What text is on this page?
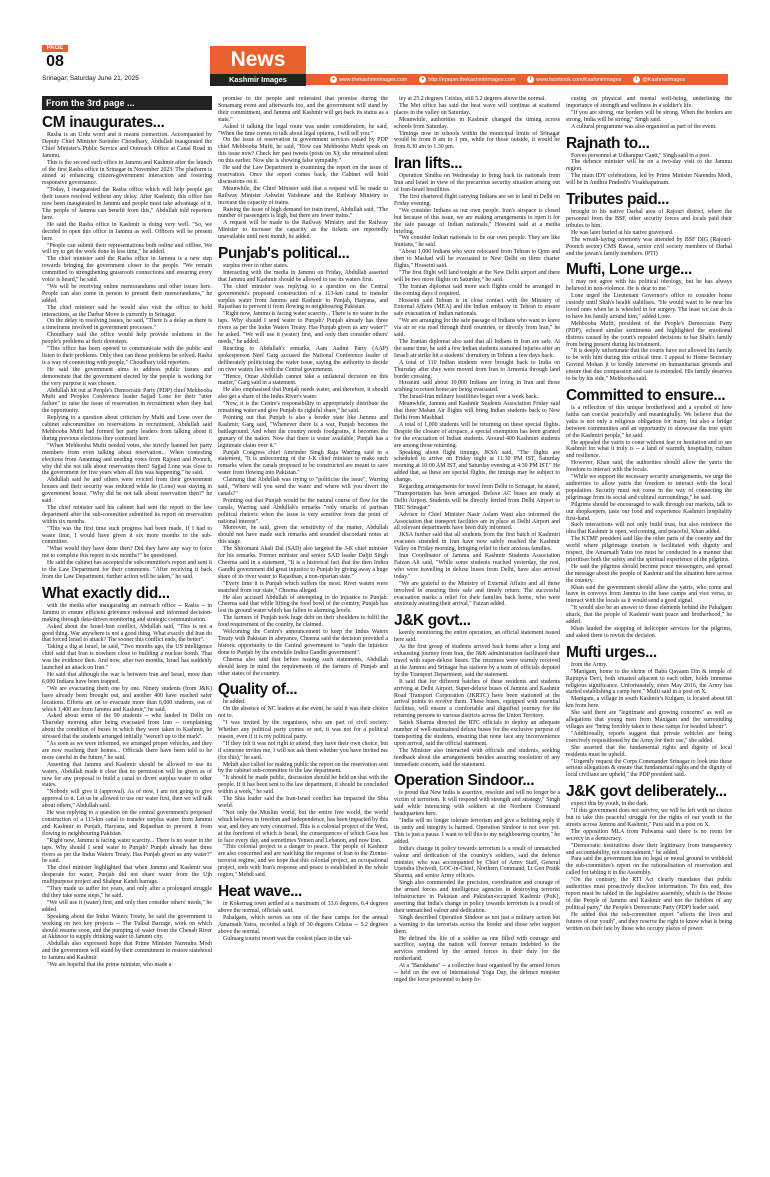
PAGE
08
Srinagar, Saturday June 21, 2025
News
Kashmir Images	● www.thekashmirimages.com	● http://epaper.thekashmirimages.com	f www.facebook.com/Kashmirimages	t @Kashmirimages
From the 3rd page ...
CM inaugurates...

Rasba is an Urdu word and it means connection. Accompanied by Deputy Chief Minister Surinder Choudhary, Abdullah inaugurated the Chief Minister's Public Service and Outreach Office at Canal Road in Jammu.

This is the second such office in Jammu and Kashmir after the launch of the first Rasba office in Srinagar in November 2023. The platform is aimed at enhancing citizen-government interaction and fostering responsive governance.

"Today, I inaugurated the Rasba office which will help people get their issues resolved without any delay. After Kashmir, this office has now been inaugurated in Jammu and people must take advantage of it. The people of Jammu can benefit from this," Abdullah told reporters here.

He said the Rasba office in Kashmir is doing very well. "So, we decided to open this office in Jammu as well. Officers will be present here.

"People can submit their representations both online and offline. We will try to get the work done in less time," he added.

The chief minister said the Rasba office in Jammu is a new step towards bringing the government closer to the people. "We remain committed to strengthening grassroots connections and ensuring every voice is heard," he said.

"We will be receiving online memorandums and other issues here. People can also come in person to present their memorandums," he added.

The chief minister said he would also visit the office to hold interactions, as the Darbar Move is currently in Srinagar.

On the delay in resolving issues, he said, "There is a delay as there is a timeframe involved in government processes."

Choudhary said the office would help provide solutions to the people's problems at their doorsteps.

"This office has been opened to communicate with the public and listen to their problems. Only then can those problems be solved. Rasba is a way of connecting with people," Choudhary told reporters.

He said the government aims to address public issues and demonstrate that the government elected by the people is working for the very purpose it was chosen.

Abdullah hit out at People's Democratic Party (PDP) chief Mehbooba Mufti and Peoples Conference leader Sajjad Lone for their "utter failure" to raise the issue of reservation in recruitment when they had the opportunity.

Replying to a question about criticism by Mufti and Lone over the cabinet subcommittee on reservations in recruitment, Abdullah said Mehbooba Mufti had formed her party leaders from talking about it during previous elections they contested here.

"When Mehbooba Mufti needed votes, she strictly banned her party members from even talking about reservation... When contesting elections from Anantnag and needing votes from Rajouri and Poonch, why did she not talk about reservation then? Sajjad Lone was close to the government for five years when all this was happening," he said.

Abdullah said he and others were evicted from their government houses and their security was reduced while he (Lone) was staying in government house. "Why did he not talk about reservation then?" he said.

The chief minister said his cabinet had sent the report to the law department after the sub-committee submitted its report on reservation within six months.

"This was the first time such progress had been made. If I had to waste time, I would have given it six more months to the sub-committee.

"What would they have done then? Did they have any way to force me to complete this report in six months?" he questioned.

He said the cabinet has accepted the subcommittee's report and sent it to the Law Department for their comments. "After receiving it back from the Law Department, further action will be taken," he said.

What exactly did...

with the media after inaugurating an outreach office -- Rasba -- in Jammu to ensure efficient grievance redressal and informed decision-making through data-driven monitoring and strategic communication.

Asked about the Israel-Iran conflict, Abdullah said, "This is not a good thing. War anywhere is not a good thing. What exactly did Iran do that forced Israel to attack? The sooner this conflict ends, the better".

Taking a dig at Israel, he said, "Two months ago, the US intelligence chief said that Iran is nowhere close to building a nuclear bomb. That was the evidence then. And now, after two months, Israel has suddenly launched an attack on Iran."

He said that although the war is between Iran and Israel, more than 6,000 Indians have been trapped.

"We are evacuating them one by one. Ninety students (from J&K) have already been brought out, and another 400 have reached safer locations. Efforts are on to evacuate more than 6,000 students, out of which 1,400 are from Jammu and Kashmir," he said.

Asked about some of the 90 students -- who landed in Delhi on Thursday morning after being evacuated from Iran -- complaining about the condition of buses in which they were taken to Kashmir, he stressed that the students arranged initially "weren't up to the mark".

"As soon as we were informed, we arranged proper vehicles, and they are now reaching their homes... Officials there have been told to be more careful in the future," he said.

Asserting that Jammu and Kashmir should be allowed to use its waters, Abdullah made it clear that no permission will be given as of now for any proposal to build a canal to divert surplus water to other states.

"Nobody will give it (approval). As of now, I am not going to give approval to it. Let us be allowed to use our water first, then we will talk about others," Abdullah said.

He was replying to a question on the central government's proposed construction of a 113-km canal to transfer surplus water from Jammu and Kashmir to Punjab, Haryana, and Rajasthan to prevent it from flowing to neighbouring Pakistan.

"Right now, Jammu is facing water scarcity... There is no water in the taps. Why should I send water to Punjab? Punjab already has three rivers as per the Indus Waters Treaty. Has Punjab given us any water?" he said.

The chief minister highlighted that when Jammu and Kashmir was desperate for water, Punjab did not share water from the Ujh multipurpose project and Shahpur Kandi barrage.

"They made us suffer for years, and only after a prolonged struggle did they take some steps," he said.

"We will use it (water) first, and only then consider others' needs," he added.

Speaking about the Indus Waters Treaty, he said the government is working on two key projects -- The Tulbul Barrage, work on which should resume soon, and the pumping of water from the Chenab River at Akhnoor to supply drinking water to Jammu city.

Abdullah also expressed hope that Prime Minister Narendra Modi and the government will stand by their commitment to restore statehood to Jammu and Kashmir.

"We are hopeful that the prime minister, who made a

promise to the people and reiterated that promise during the Sonamarg event and afterwards too, and the government will stand by their commitment, and Jammu and Kashmir will get back its status as a state."

Asked if talking the legal route was under consideration, he said, "When the time comes to talk about legal options, I will tell you."

On the issue of reservation in government services raised by PDP chief Mehbooba Mufti, he said, "How can Mehbooba Mufti speak on this issue now? Check her past tweets (posts on X); she remained silent on this earlier. Now she is showing false sympathy."

He said the Law Department is examining the report on the issue of reservation. Once the report comes back, the Cabinet will hold discussions on it.

Meanwhile, the Chief Minister said that a request will be made to Railway Minister Ashwini Vaishnaw and the Railway Ministry to increase the capacity of trains.

Raising the issue of high demand for train travel, Abdullah said, "The number of passengers is high, but there are fewer trains."

A request will be made to the Railway Ministry and the Railway Minister to increase the capacity as the tickets are reportedly unavailable until next month, he added.

Punjab's political...

surplus river to other states.

Interacting with the media in Jammu on Friday, Abdullah asserted that Jammu and Kashmir should be allowed to use its waters first.

The chief minister was replying to a question on the Central government's proposed construction of a 113-km canal to transfer surplus water from Jammu and Kashmir to Punjab, Haryana, and Rajasthan to prevent it from flowing to neighbouring Pakistan.

"Right now, Jammu is facing water scarcity... There is no water in the taps. Why should I send water to Punjab? Punjab already has three rivers as per the Indus Waters Treaty. Has Punjab given us any water?" he asked. "We will use it (water) first, and only then consider others' needs," he added.

Reacting to Abdullah's remarks, Aam Aadmi Party (AAP) spokesperson Neel Garg accused the National Conference leader of deliberately politicising the water issue, saying the authority to decide on river waters lies with the Central government.

"Hence, Omar Abdullah cannot take a unilateral decision on this matter," Garg said in a statement.

He also emphasised that Punjab needs water, and therefore, it should also get a share of the Indus River's water.

"Now, it is the Centre's responsibility to appropriately distribute the remaining water and give Punjab its rightful share," he said.

Pointing out that Punjab is also a border state like Jammu and Kashmir, Garg said, "Whenever there is a war, Punjab becomes the battleground. And when the country needs foodgrains, it becomes the granary of the nation. Now that there is water available, Punjab has a legitimate claim over it."

Punjab Congress chief Amrinder Singh Raja Warring said in a statement, "It is unbecoming of the J-K chief minister to make such remarks when the canals proposed to be constructed are meant to save water from flowing into Pakistan."

Claiming that Abdullah was trying to "politicise the issue", Warring said, "Where will you send the water and where will you divert the canals?"

Pointing out that Punjab would be the natural course of flow for the canals, Warring said Abdullah's remarks "only smacks of partisan political rhetoric when the issue is very sensitive from the point of national interest".

Moreover, he said, given the sensitivity of the matter, Abdullah should not have made such remarks and sounded discordant notes at this stage.

The Shiromani Akali Dal (SAD) also targeted the J-K chief minister for his remarks. Former minister and senior SAD leader Daljit Singh Cheema said in a statement, "It is a historical fact that the then Indira Gandhi government did great injustice to Punjab by giving away a huge share of its river water to Rajasthan, a non-riparian state."

"Every time it is Punjab which suffers the most. River waters were snatched from our state," Cheema alleged.

He also accused Abdullah of attempting to do injustice to Punjab. Cheema said that while lifting the food bowl of the country, Punjab has lost its ground water which has fallen to alarming levels.

The farmers of Punjab took huge debt on their shoulders to fulfil the food requirement of the country, he claimed.

Welcoming the Centre's announcement to keep the Indus Waters Treaty with Pakistan in abeyance, Cheema said the decision provided a historic opportunity to the Central government to "undo the injustice done to Punjab by the erstwhile Indira Gandhi government".

Cheema also said that before issuing such statements, Abdullah should keep in mind the requirements of the farmers of Punjab and other states of the country.

Quality of...

he added.

On the absence of NC leaders at the event, he said it was their choice not to.

"I was invited by the organisers, who are part of civil society. Whether any political party comes or not, it was not for a political reason, even if it is my political party.

"If they felt it was not right to attend, they have their own choice, but if someone invites me, I will not ask them whether you have invited me (for this)," he said.

Mehdi also called for making public the report on the reservation sent by the cabinet sub-committee to the law department.

"It should be made public, discussion should be held on that with the people. If it has been sent to the law department, it should be concluded within a week," he said.

The Shia leader said the Iran-Israel conflict has impacted the Shia world.

"Not only the Muslim world, but the entire free world, the world which believes in freedom and independence, has been impacted by this war, and they are very concerned. This is a colonial project of the West, at the forefront of which is Israel, the consequences of which Gaza has to face every day, and sometimes Yemen and Lebanon, and now Iran.

"This colonial project is a danger to peace. The people of Kashmir are also concerned and are watching the response of Iran to the Zionist-terrorist regime, and we hope that this colonial project, an occupational project, ends with Iran's response and peace is established in the whole region," Mehdi said.

Heat wave...

in Kokernag town settled at a maximum of 33.6 degrees, 6.4 degrees above the normal, officials said.

Pahalgam, which serves as one of the base camps for the annual Amarnath Yatra, recorded a high of 30 degrees Celsius -- 5.2 degrees above the normal.

Gulmarg tourist resort was the coolest place in the val-

ley at 25.2 degrees Celsius, still 5.2 degrees above the normal.

The Met office has said the heat wave will continue at scattered places in the valley on Saturday.

Meanwhile, authorities in Kashmir changed the timing across schools from Saturday.

Timings now in schools within the municipal limits of Srinagar would be from 8 am to 1 pm, while for those outside, it would be from 8.30 am to 1.30 pm.

Iran lifts...

Operation Sindhu on Wednesday to bring back its nationals from Iran and Israel in view of the precarious security situation arising out of Iran-Israel hostilities.

The first chartered flight carrying Indians are set to land in Delhi on Friday evening.

"We consider Indians as our own people. Iran's airspace is closed but because of this issue, we are making arrangements to open it for the safe passage of Indian nationals," Hosseini said at a media briefing.

"We consider Indian nationals to be our own people. They are like Iranians," he said.

"About 1,000 Indians who were relocated from Tehran to Qom and then to Mashad will be evacuated to New Delhi on three charter flights," Hosseini said.

"The first flight will land tonight at the New Delhi airport and there will be two more flights on Saturday," he said.

The Iranian diplomat said more such flights could be arranged in the coming days if required.

Hosseini said Tehran is in close contact with the Ministry of External Affairs (MEA) and the Indian embassy in Tehran to ensure safe evacuation of Indian nationals.

"We are arranging for the safe passage of Indians who want to leave via air or via road through third countries, or directly from Iran," he said.

The Iranian diplomat also said that all Indians in Iran are safe. At the same time, he said a few Indian students sustained injuries after an Israeli air strike hit a students' dormitory in Tehran a few days back.

A total of 110 Indian students were brought back to India on Thursday after they were moved from Iran to Armenia through land border crossing.

Hosseini said about 10,000 Indians are living in Iran and those wishing to return home are being evacuated.

The Israel-Iran military hostilities began over a week back.

Meanwhile, Jammu and Kashmir Students Association Friday said that three Mahan Air flights will bring Indian students back to New Delhi from Mashhad.

A total of 1,000 students will be returning on these special flights. Despite the closure of airspace, a special exemption has been granted for the evacuation of Indian students. Around 400 Kashmiri students are among those returning.

Speaking about flight timings, JKSA said, "The flights are scheduled to arrive on Friday night at 11:30 PM IST, Saturday morning at 10:00 AM IST, and Saturday evening at 4:30 PM IST." He added that, as these are special flights, the timings may be subject to change.

Regarding arrangements for travel from Delhi to Srinagar, he stated, "Transportation has been arranged. Deluxe AC buses are ready at Delhi Airport. Students will be directly ferried from Delhi Airport to TRC Srinagar."

Advisor to Chief Minister Nasir Aslam Wani also informed the Association that transport facilities are in place at Delhi Airport and all relevant departments have been duly informed.

JKSA further said that all students from the first batch of Kashmiri evacuees stranded in Iran have now safely reached the Kashmir Valley on Friday morning, bringing relief to their anxious families.

Iran Coordinator of Jammu and Kashmir Students Association Faizan Ali said, "While some students reached yesterday, the rest, who were travelling in deluxe buses from Delhi, have also arrived today."

"We are grateful to the Ministry of External Affairs and all those involved in ensuring their safe and timely return. The successful evacuation marks a relief for their families back home, who were anxiously awaiting their arrival," Faizan added.

J&K govt...

keenly monitoring the entire operation, an official statement issued here said.

As the first group of students arrived back home after a long and exhausting journey from Iran, the J&K administration facilitated their travel with super-deluxe buses. The returnees were warmly received at the Jammu and Srinagar bus stations by a team of officials deputed by the Transport Department, said the statement.

It said that for different batches of these residents and students arriving at Delhi Airport, Super-deluxe buses of Jammu and Kashmir Road Transport Corporation (JKRTC) have been stationed at the arrival points to receive them. These buses, equipped with essential facilities, will ensure a comfortable and dignified journey for the returning persons to various districts across the Union Territory.

Satish Sharma directed the RTC officials to deploy an adequate number of well-maintained deluxe buses for the exclusive purpose of transporting the students, ensuring that none face any inconvenience upon arrival, said the official statement.

The Minister also interacted with officials and students, seeking feedback about the arrangements besides assuring resolution of any immediate concern, said the statement.

Operation Sindoor...

is proud that New India is assertive, resolute and will no longer be a victim of terrorism. It will respond with strength and strategy," Singh said while interacting with soldiers at the Northern Command headquarters here.

"India will no longer tolerate terrorism and give a befitting reply if its unity and integrity is harmed. Operation Sindoor is not over yet. This is just a pause. I want to tell this to my neighbouring country," he added.

India's change in policy towards terrorism is a result of unmatched valour and dedication of the country's soldiers, said the defence minister, who was accompanied by Chief of Army Staff, General Upendra Dwivedi, GOC-in-Chief, Northern Command, Lt Gen Pratik Sharma, and senior Army officers.

Singh also commended the precision, coordination and courage of the armed forces and intelligence agencies in destroying terrorist infrastructure in Pakistan and Pakistan-occupied Kashmir (PoK), asserting that India's change in policy towards terrorism is a result of their unmatched valour and dedication.

Singh described Operation Sindoor as not just a military action but a warning to the terrorists across the border and those who support them.

He defined the life of a soldier as one filled with courage and sacrifice, saying the nation will forever remain indebted to the services rendered by the armed forces in their duty for the motherland.

At a "Barakhana" -- a collective feast organised by the armed forces -- held on the eve of International Yoga Day, the defence minister urged the force personnel to keep fo-

cusing on physical and mental well-being, underlining the importance of strength and wellness in a soldier's life.

"If you are strong, our borders will be strong. When the borders are strong, India will be strong," Singh said.

A cultural programme was also organised as part of the event.

Rajnath to...

Forces personnel at Udhampur Cantt," Singh said in a post.

The defence minister will be on a two-day visit to the Jammu region.

The main IDY celebrations, led by Prime Minister Narendra Modi, will be in Andhra Pradesh's Visakhapatnam.

Tributes paid...

brought to his native Darhal area of Rajouri district, where the personnel from the BSF, other security forces and locals paid their tributes to him.

He was later buried at his native graveyard.

The wreath-laying ceremony was attended by BSF DIG (Rajouri-Poonch sector) CMS Rawat, senior civil society members of Darhal and the jawan's family members. (PTI)

Mufti, Lone urge...

I may not agree with his political ideology, but he has always believed in non-violence. He is dear to me."

Lone urged the Lieutenant Governor's office to consider home custody until Shah's health stabilises. "He would want to be near his loved ones when he is wheeled in for surgery. The least we can do is to have his family around him," added Lone.

Mehbooba Mufti, president of the People's Democratic Party (PDP), echoed similar sentiments and highlighted the emotional distress caused by the court's repeated decisions to bar Shah's family from being present during his treatment.

"It is deeply unfortunate that the courts have not allowed his family to be with him during this critical time. I appeal to Home Secretary Govind Mohan ji to kindly intervene on humanitarian grounds and ensure that due compassion and care is extended. His family deserves to be by his side," Mehbooba said.

Committed to ensure...

is a reflection of this unique brotherhood and a symbol of how faiths can coexist peacefully and meaningfully. We believe that the yatra is not only a religious obligation for many, but also a bridge between communities and an opportunity to showcase the true spirit of the Kashmiri people," he said.

He appealed the yatris to come without fear or hesitation and to see Kashmir for what it truly is -- a land of warmth, hospitality, culture and resilience.

However, Khan said, the authorities should allow the yatris the freedom to interact with the locals.

"While we support the necessary security arrangements, we urge the authorities to allow yatris the freedom to interact with the local population. Security must not come in the way of connecting the pilgrimage from its social and cultural surroundings," he said.

Pilgrims should be encouraged to walk through our markets, talk to our shopkeepers, taste our food and experience Kashmiri hospitality first-hand.

Such interactions will not only build trust, but also reinforce the idea that Kashmir is open, welcoming, and peaceful, Khan added.

The KTMF president said like the other parts of the country and the world where pilgrimage tourism is facilitated with dignity and respect, the Amarnath Yatra too must be conducted in a manner that prioritises both the safety and the spiritual experience of the pilgrims.

He said the pilgrims should become peace messengers, and spread the message about the people of Kashmir and the situation here across the country.

Khan said the government should allow the yatris, who come and leave in convoys from Jammu to the base camps and vice versa, to interact with the locals as it would send a good signal.

"It would also be an answer to those elements behind the Pahalgam attack, that the people of Kashmir want peace and brotherhood," he added.

Khan lauded the stopping of helicopter services for the pilgrims, and asked them to revisit the decision.

Mufti urges...

from the Army.

"Manigam, home to the shrine of Baba Qayaam Din & temple of Rajnipya Devi, both situated adjacent to each other, holds immense religious significance. Unfortunately, since May 2016, the Army has started establishing a camp here," Mufti said in a post on X.

Manigam, a village in south Kashmir's Kulgam, is located about 68 km from here.

She said there are "legitimate and growing concerns" as well as allegations that young men from Manigam and the surrounding villages are "being forcibly taken to these camps for beaded labour".

"Additionally, reports suggest that private vehicles are being coercively requisitioned by the Army for their use," she added.

She asserted that the fundamental rights and dignity of local residents must be upheld.

"Urgently request the Corps Commander Srinagar to look into these serious allegations & ensure that fundamental rights and the dignity of local civilians are upheld," the PDP president said.

J&K govt deliberately...

expect this by youth, in the dark.

"If this government does not survive, we will be left with no choice but to take this peaceful struggle for the rights of our youth to the streets across Jammu and Kashmir," Para said in a post on X.

The opposition MLA from Pulwama said there is no room for secrecy in a democracy.

"Democratic institutions draw their legitimacy from transparency and accountability, not concealment," he added.

Para said the government has no legal or moral ground to withhold the sub-committee's report on the rationalisation of reservation and called for tabling it in the Assembly.

"On the contrary, the RTI Act clearly mandates that public authorities must proactively disclose information. To this end, this report must be tabled in the legislative assembly, which is the House of the People of Jammu and Kashmir and not the fiefdom of any political party," the People's Democratic Party (PDP) leader said.

He added that the sub-committee report "affects the lives and futures of our youth", and they reserve the right to know what is being written on their fate by those who occupy places of power.
